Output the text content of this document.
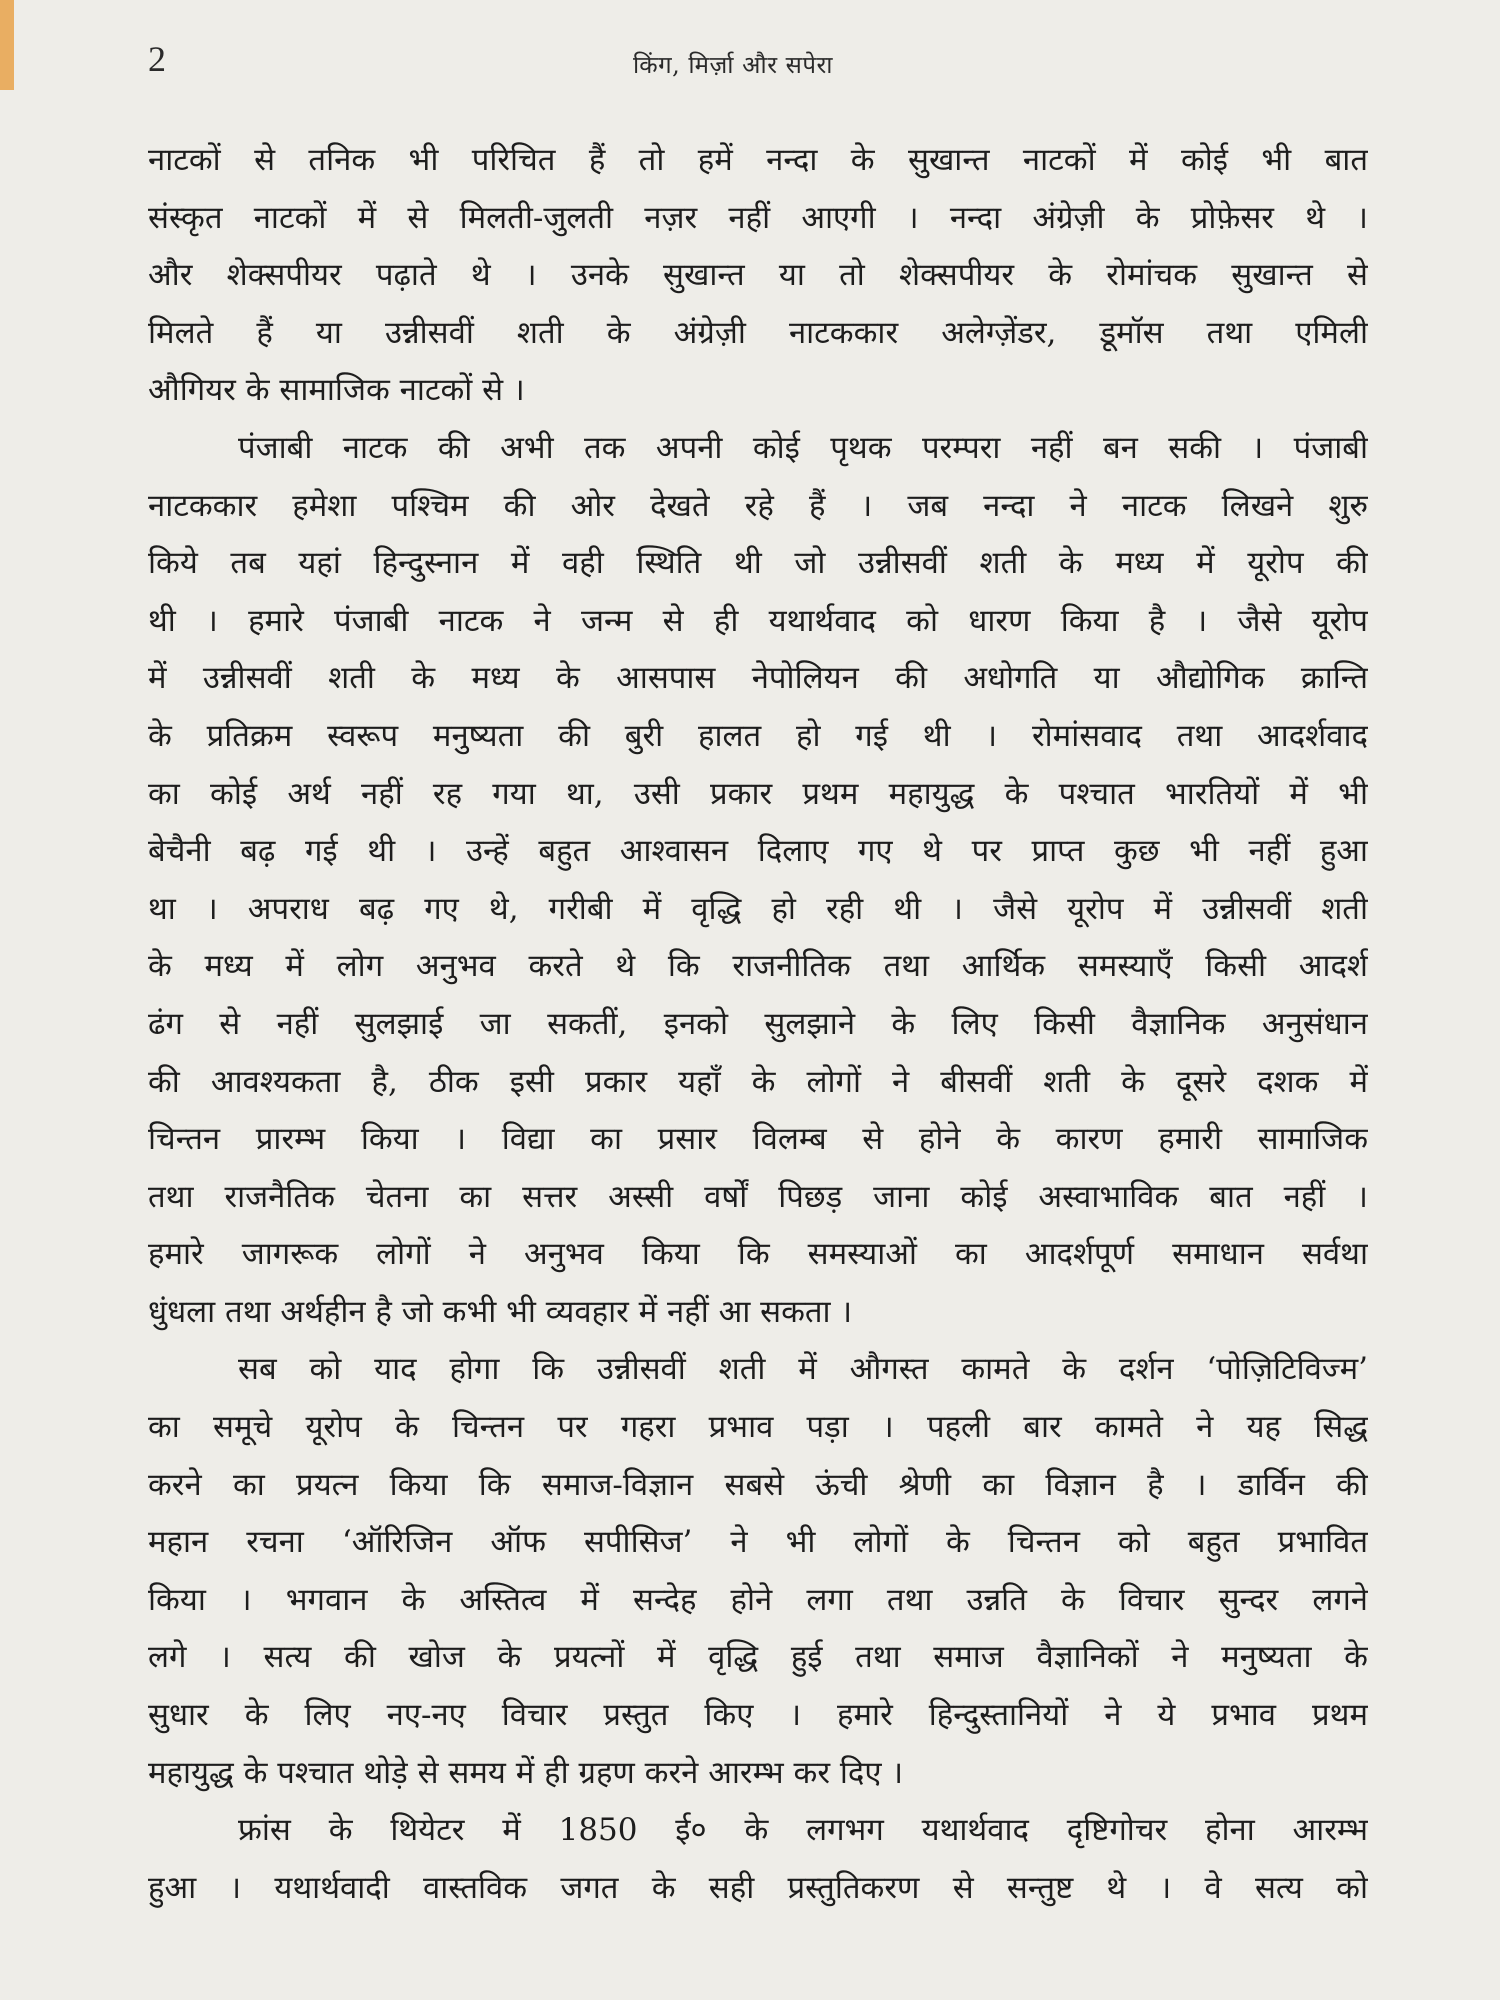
2	किंग, मिर्ज़ा और सपेरा
नाटकों से तनिक भी परिचित हैं तो हमें नन्दा के सुखान्त नाटकों में कोई भी बात
संस्कृत नाटकों में से मिलती-जुलती नज़र नहीं आएगी । नन्दा अंग्रेज़ी के प्रोफ़ेसर थे ।
और शेक्सपीयर पढ़ाते थे । उनके सुखान्त या तो शेक्सपीयर के रोमांचक सुखान्त से
मिलते हैं या उन्नीसवीं शती के अंग्रेज़ी नाटककार अलेग्ज़ेंडर, डूमॉस तथा एमिली
औगियर के सामाजिक नाटकों से ।
पंजाबी नाटक की अभी तक अपनी कोई पृथक परम्परा नहीं बन सकी । पंजाबी
नाटककार हमेशा पश्चिम की ओर देखते रहे हैं । जब नन्दा ने नाटक लिखने शुरु
किये तब यहां हिन्दुस्नान में वही स्थिति थी जो उन्नीसवीं शती के मध्य में यूरोप की
थी । हमारे पंजाबी नाटक ने जन्म से ही यथार्थवाद को धारण किया है । जैसे यूरोप
में उन्नीसवीं शती के मध्य के आसपास नेपोलियन की अधोगति या औद्योगिक क्रान्ति
के प्रतिक्रम स्वरूप मनुष्यता की बुरी हालत हो गई थी । रोमांसवाद तथा आदर्शवाद
का कोई अर्थ नहीं रह गया था, उसी प्रकार प्रथम महायुद्ध के पश्चात भारतियों में भी
बेचैनी बढ़ गई थी । उन्हें बहुत आश्वासन दिलाए गए थे पर प्राप्त कुछ भी नहीं हुआ
था । अपराध बढ़ गए थे, गरीबी में वृद्धि हो रही थी । जैसे यूरोप में उन्नीसवीं शती
के मध्य में लोग अनुभव करते थे कि राजनीतिक तथा आर्थिक समस्याएँ किसी आदर्श
ढंग से नहीं सुलझाई जा सकतीं, इनको सुलझाने के लिए किसी वैज्ञानिक अनुसंधान
की आवश्यकता है, ठीक इसी प्रकार यहाँ के लोगों ने बीसवीं शती के दूसरे दशक में
चिन्तन प्रारम्भ किया । विद्या का प्रसार विलम्ब से होने के कारण हमारी सामाजिक
तथा राजनैतिक चेतना का सत्तर अस्सी वर्षों पिछड़ जाना कोई अस्वाभाविक बात नहीं ।
हमारे जागरूक लोगों ने अनुभव किया कि समस्याओं का आदर्शपूर्ण समाधान सर्वथा
धुंधला तथा अर्थहीन है जो कभी भी व्यवहार में नहीं आ सकता ।
सब को याद होगा कि उन्नीसवीं शती में औगस्त कामते के दर्शन ‘पोज़िटिविज्म’
का समूचे यूरोप के चिन्तन पर गहरा प्रभाव पड़ा । पहली बार कामते ने यह सिद्ध
करने का प्रयत्न किया कि समाज-विज्ञान सबसे ऊंची श्रेणी का विज्ञान है । डार्विन की
महान रचना ‘ऑरिजिन ऑफ सपीसिज’ ने भी लोगों के चिन्तन को बहुत प्रभावित
किया । भगवान के अस्तित्व में सन्देह होने लगा तथा उन्नति के विचार सुन्दर लगने
लगे । सत्य की खोज के प्रयत्नों में वृद्धि हुई तथा समाज वैज्ञानिकों ने मनुष्यता के
सुधार के लिए नए-नए विचार प्रस्तुत किए । हमारे हिन्दुस्तानियों ने ये प्रभाव प्रथम
महायुद्ध के पश्चात थोड़े से समय में ही ग्रहण करने आरम्भ कर दिए ।
फ्रांस के थियेटर में 1850 ई० के लगभग यथार्थवाद दृष्टिगोचर होना आरम्भ
हुआ । यथार्थवादी वास्तविक जगत के सही प्रस्तुतिकरण से सन्तुष्ट थे । वे सत्य को
